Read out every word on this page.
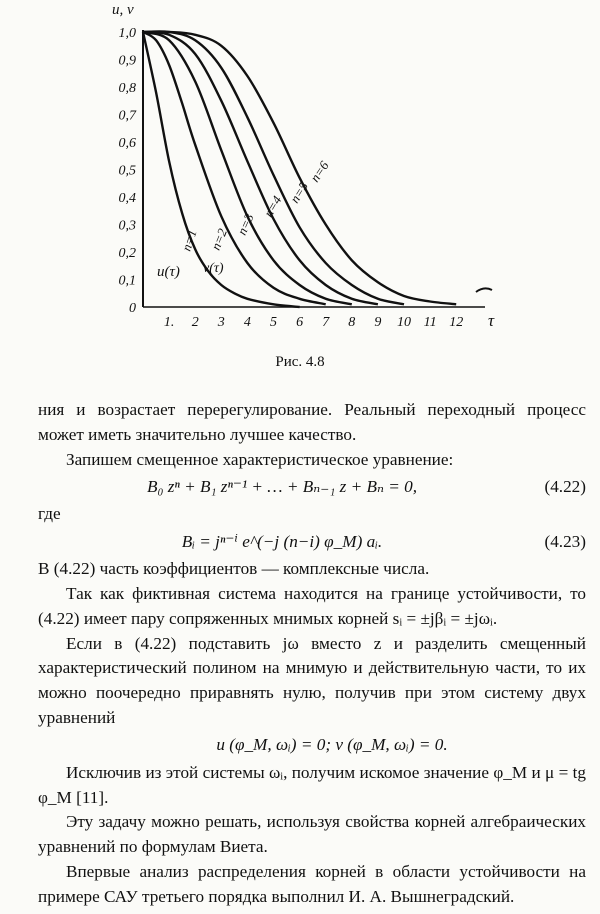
u, v
τ
1,0
0,9
0,8
0,7
0,6
0,5
0,4
0,3
0,2
0,1
0
1. 2 3 4 5 6 7 8 9 10 11 12
n=1 n=2
n=3
n=4
n=5
n=6
u(τ) v(τ)
Рис. 4.8

ния и возрастает перерегулирование. Реальный переходный процесс может иметь значительно лучшее качество.

Запишем смещенное характеристическое уравнение:

B₀ zⁿ + B₁ zⁿ⁻¹ + … + Bₙ₋₁ z + Bₙ = 0,	(4.22)

где

Bᵢ = jⁿ⁻ⁱ e^(−j (n−i) φ_M) aᵢ.	(4.23)

В (4.22) часть коэффициентов — комплексные числа.

Так как фиктивная система находится на границе устойчивости, то (4.22) имеет пару сопряженных мнимых корней sᵢ = ±jβᵢ = ±jωᵢ.

Если в (4.22) подставить jω вместо z и разделить смещенный характеристический полином на мнимую и действительную части, то их можно поочередно приравнять нулю, получив при этом систему двух уравнений

u (φ_M, ωᵢ) = 0; v (φ_M, ωᵢ) = 0.

Исключив из этой системы ωᵢ, получим искомое значение φ_M и μ = tg φ_M [11].

Эту задачу можно решать, используя свойства корней алгебраических уравнений по формулам Виета.

Впервые анализ распределения корней в области устойчивости на примере САУ третьего порядка выполнил И. А. Вышнеградский.
